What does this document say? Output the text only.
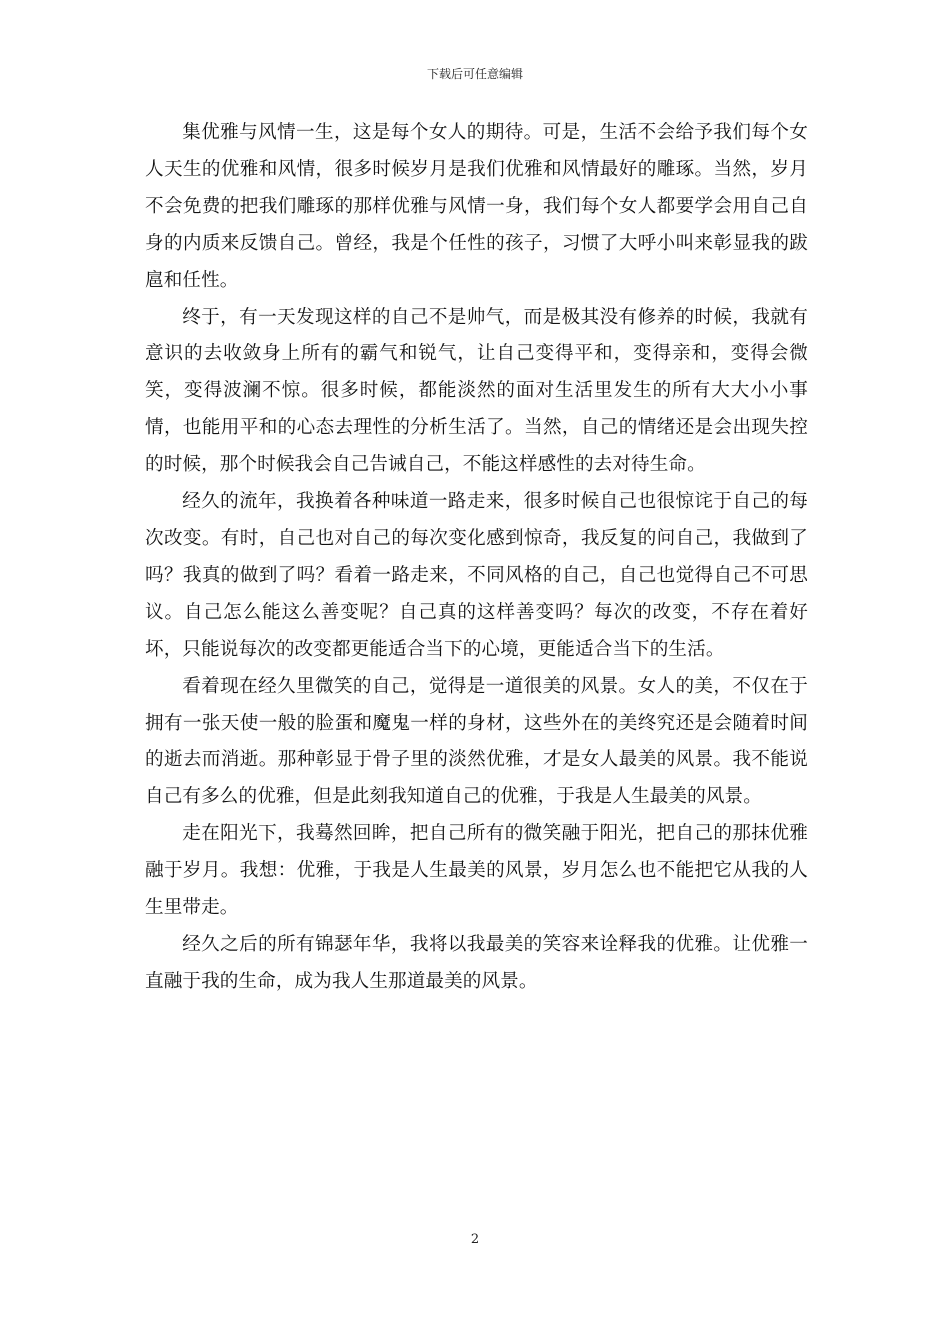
下载后可任意编辑

集优雅与风情一生，这是每个女人的期待。可是，生活不会给予我们每个女人天生的优雅和风情，很多时候岁月是我们优雅和风情最好的雕琢。当然，岁月不会免费的把我们雕琢的那样优雅与风情一身，我们每个女人都要学会用自己自身的内质来反馈自己。曾经，我是个任性的孩子，习惯了大呼小叫来彰显我的跋扈和任性。

终于，有一天发现这样的自己不是帅气，而是极其没有修养的时候，我就有意识的去收敛身上所有的霸气和锐气，让自己变得平和，变得亲和，变得会微笑，变得波澜不惊。很多时候，都能淡然的面对生活里发生的所有大大小小事情，也能用平和的心态去理性的分析生活了。当然，自己的情绪还是会出现失控的时候，那个时候我会自己告诫自己，不能这样感性的去对待生命。

经久的流年，我换着各种味道一路走来，很多时候自己也很惊诧于自己的每次改变。有时，自己也对自己的每次变化感到惊奇，我反复的问自己，我做到了吗？我真的做到了吗？看着一路走来，不同风格的自己，自己也觉得自己不可思议。自己怎么能这么善变呢？自己真的这样善变吗？每次的改变，不存在着好坏，只能说每次的改变都更能适合当下的心境，更能适合当下的生活。

看着现在经久里微笑的自己，觉得是一道很美的风景。女人的美，不仅在于拥有一张天使一般的脸蛋和魔鬼一样的身材，这些外在的美终究还是会随着时间的逝去而消逝。那种彰显于骨子里的淡然优雅，才是女人最美的风景。我不能说自己有多么的优雅，但是此刻我知道自己的优雅，于我是人生最美的风景。

走在阳光下，我蓦然回眸，把自己所有的微笑融于阳光，把自己的那抹优雅融于岁月。我想：优雅，于我是人生最美的风景，岁月怎么也不能把它从我的人生里带走。

经久之后的所有锦瑟年华，我将以我最美的笑容来诠释我的优雅。让优雅一直融于我的生命，成为我人生那道最美的风景。

2
